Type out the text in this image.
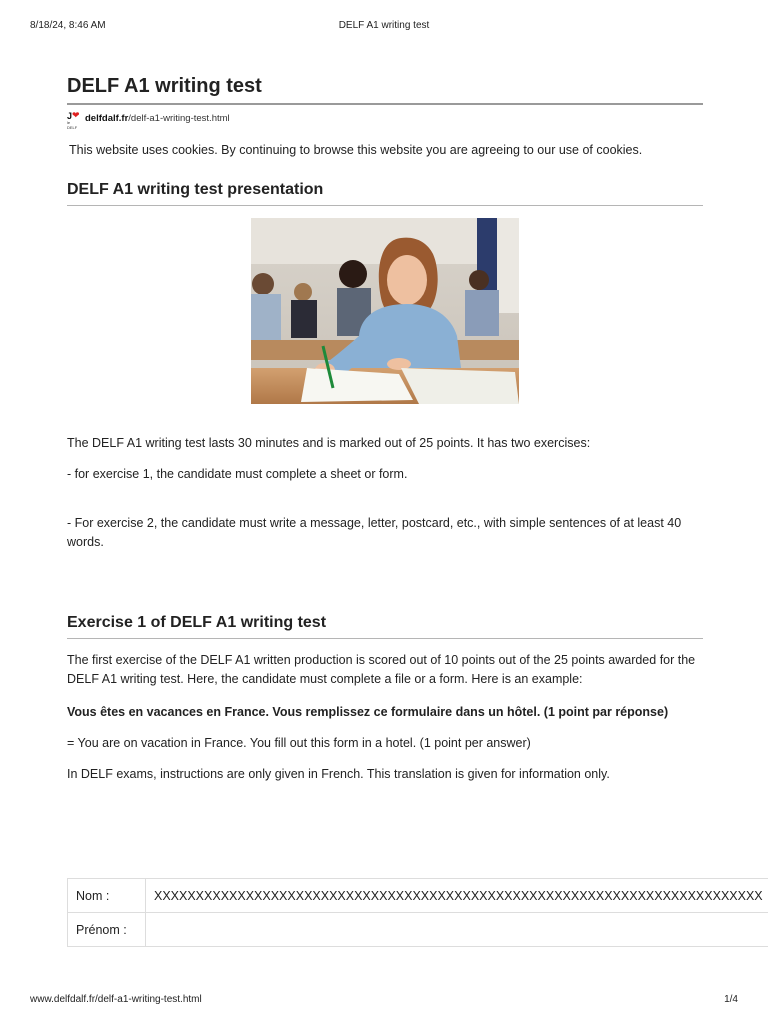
8/18/24, 8:46 AM	DELF A1 writing test
DELF A1 writing test
J ❤
le DELF
delfdalf.fr /delf-a1-writing-test.html

This website uses cookies. By continuing to browse this website you are agreeing to our use of cookies.

DELF A1 writing test presentation

The DELF A1 writing test lasts 30 minutes and is marked out of 25 points. It has two exercises:

- for exercise 1, the candidate must complete a sheet or form.

- For exercise 2, the candidate must write a message, letter, postcard, etc., with simple sentences of at least 40 words.

Exercise 1 of DELF A1 writing test

The first exercise of the DELF A1 written production is scored out of 10 points out of the 25 points awarded for the DELF A1 writing test. Here, the candidate must complete a file or a form. Here is an example:

Vous êtes en vacances en France. Vous remplissez ce formulaire dans un hôtel. (1 point par réponse)

= You are on vacation in France. You fill out this form in a hotel. (1 point per answer)

In DELF exams, instructions are only given in French. This translation is given for information only.

Nom :	XXXXXXXXXXXXXXXXXXXXXXXXXXXXXXXXXXXXXXXXXXXXXXXXXXXXXXXXXXXXXXXXXXXXXXXXX
Prénom :	
www.delfdalf.fr/delf-a1-writing-test.html	1/4
